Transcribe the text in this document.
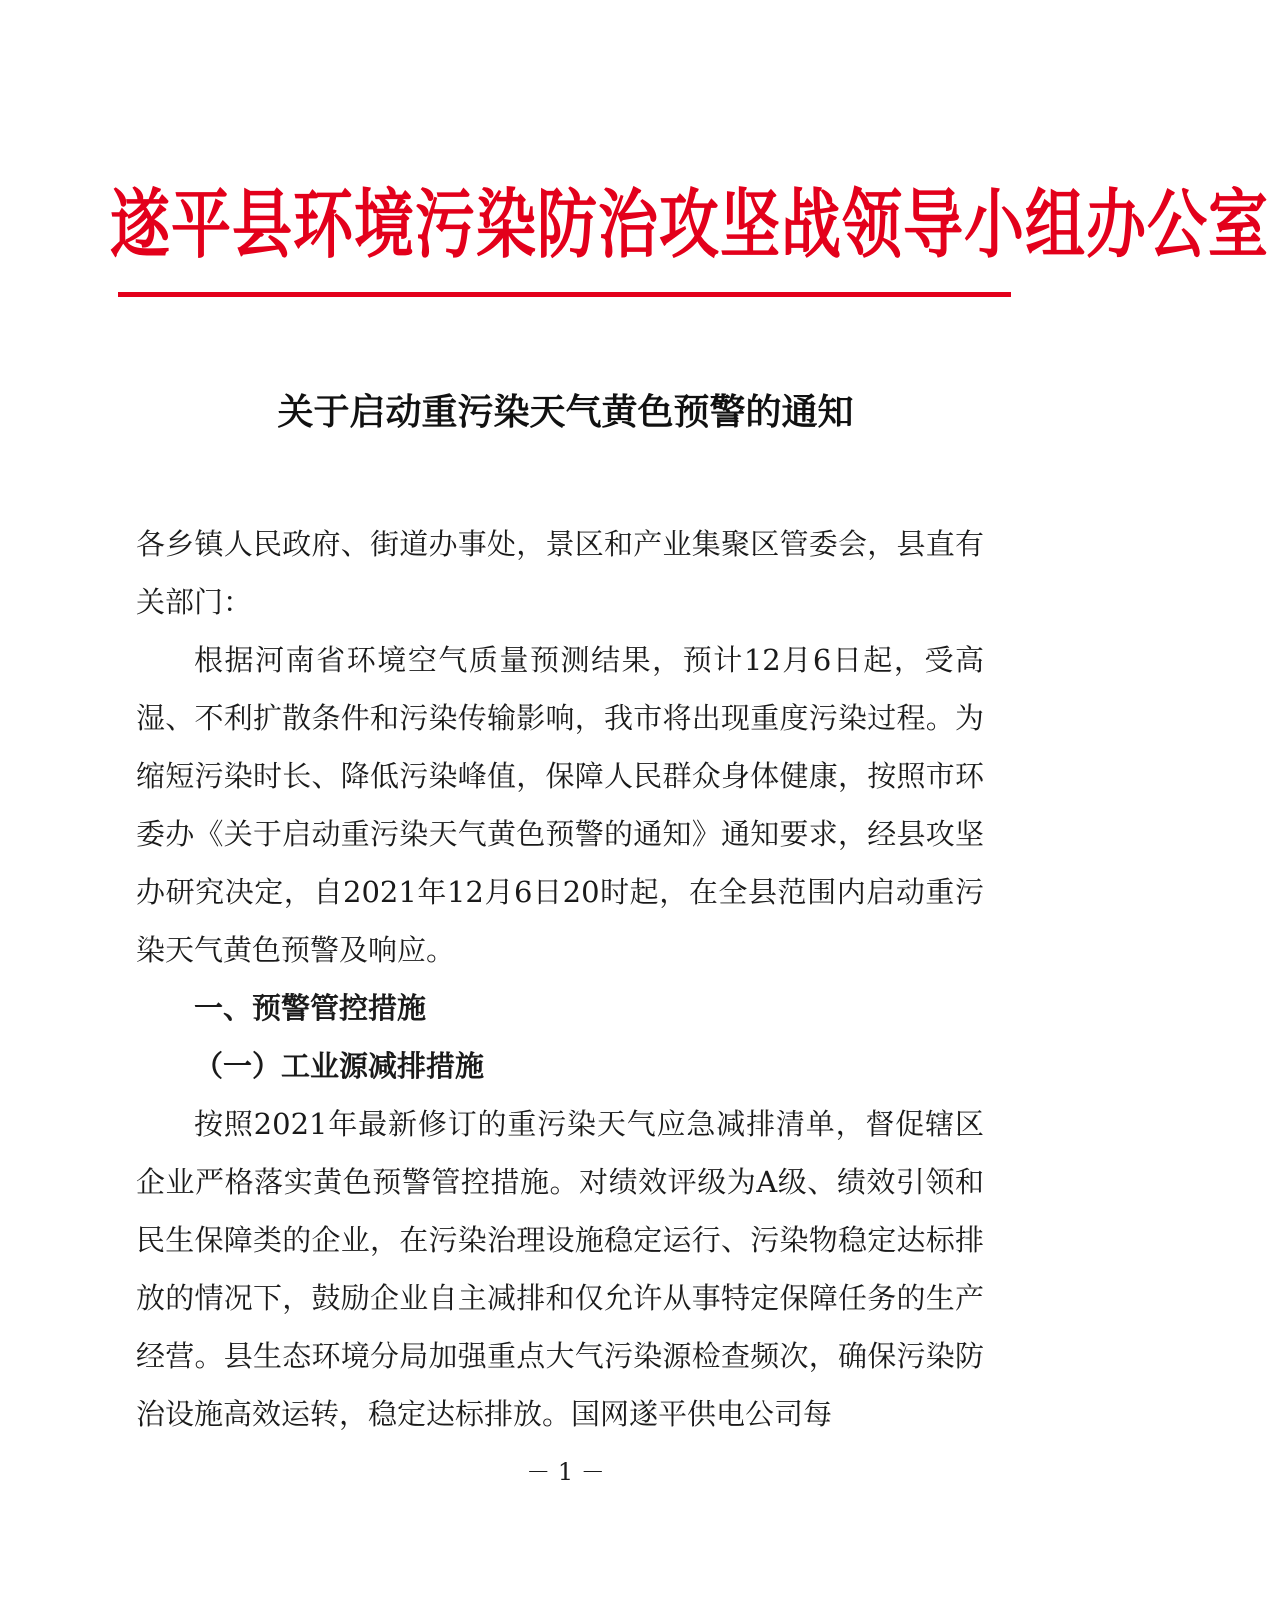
遂平县环境污染防治攻坚战领导小组办公室
关于启动重污染天气黄色预警的通知

各乡镇人民政府、街道办事处，景区和产业集聚区管委会，县直有关部门：

根据河南省环境空气质量预测结果，预计12月6日起，受高湿、不利扩散条件和污染传输影响，我市将出现重度污染过程。为缩短污染时长、降低污染峰值，保障人民群众身体健康，按照市环委办《关于启动重污染天气黄色预警的通知》通知要求，经县攻坚办研究决定，自2021年12月6日20时起，在全县范围内启动重污染天气黄色预警及响应。

一、预警管控措施

（一）工业源减排措施

按照2021年最新修订的重污染天气应急减排清单，督促辖区企业严格落实黄色预警管控措施。对绩效评级为A级、绩效引领和民生保障类的企业，在污染治理设施稳定运行、污染物稳定达标排放的情况下，鼓励企业自主减排和仅允许从事特定保障任务的生产经营。县生态环境分局加强重点大气污染源检查频次，确保污染防治设施高效运转，稳定达标排放。国网遂平供电公司每

－ 1 －
